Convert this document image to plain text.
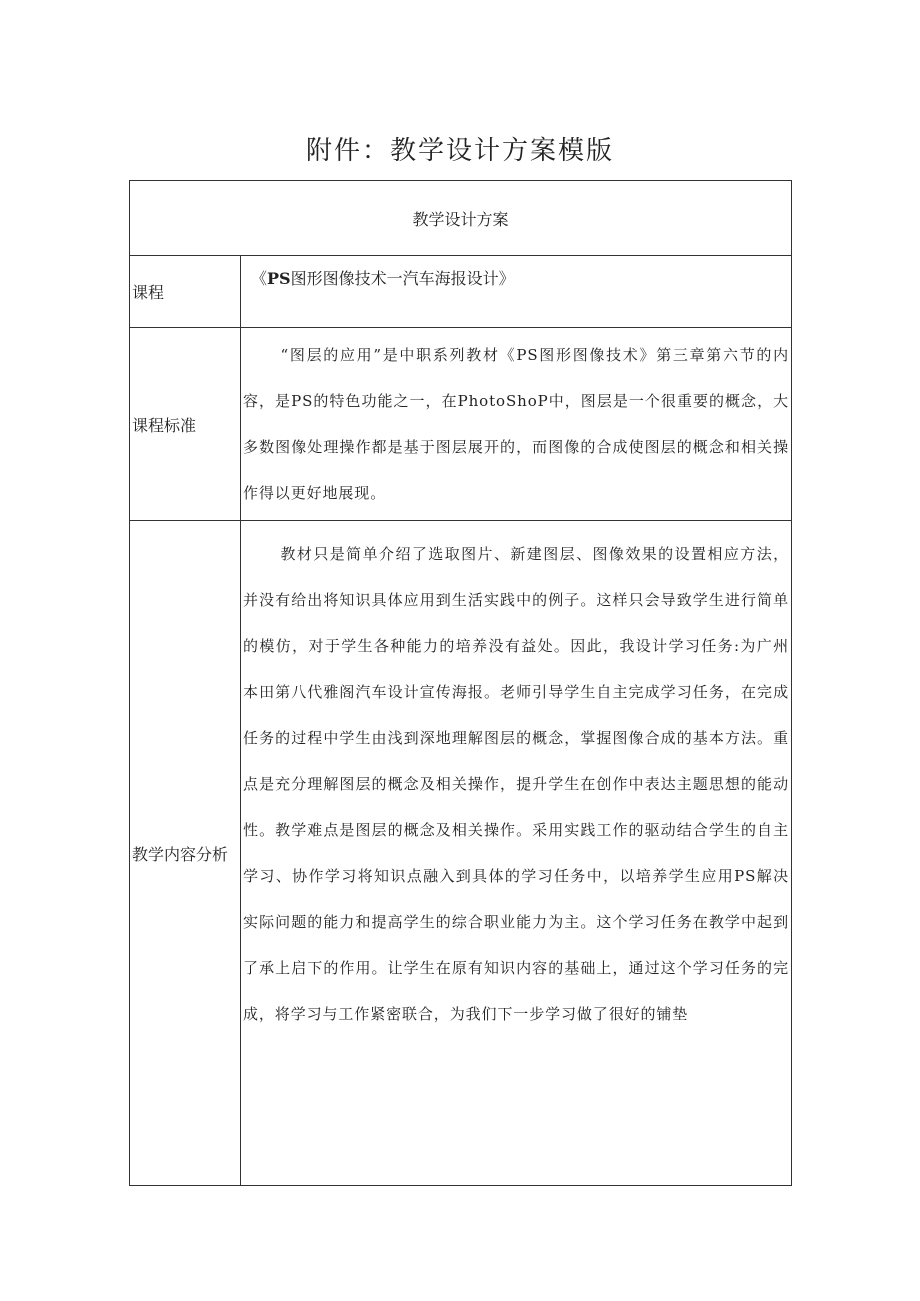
附件：教学设计方案模版
教学设计方案	
课程	《PS图形图像技术一汽车海报设计》
课程标准	“图层的应用”是中职系列教材《PS图形图像技术》第三章第六节的内容，是PS的特色功能之一，在PhotoShoP中，图层是一个很重要的概念，大多数图像处理操作都是基于图层展开的，而图像的合成使图层的概念和相关操作得以更好地展现。

教学内容分析	教材只是简单介绍了选取图片、新建图层、图像效果的设置相应方法，并没有给出将知识具体应用到生活实践中的例子。这样只会导致学生进行简单的模仿，对于学生各种能力的培养没有益处。因此，我设计学习任务:为广州本田第八代雅阁汽车设计宣传海报。老师引导学生自主完成学习任务，在完成任务的过程中学生由浅到深地理解图层的概念，掌握图像合成的基本方法。重点是充分理解图层的概念及相关操作，提升学生在创作中表达主题思想的能动性。教学难点是图层的概念及相关操作。采用实践工作的驱动结合学生的自主学习、协作学习将知识点融入到具体的学习任务中，以培养学生应用PS解决实际问题的能力和提高学生的综合职业能力为主。这个学习任务在教学中起到了承上启下的作用。让学生在原有知识内容的基础上，通过这个学习任务的完成，将学习与工作紧密联合，为我们下一步学习做了很好的铺垫
